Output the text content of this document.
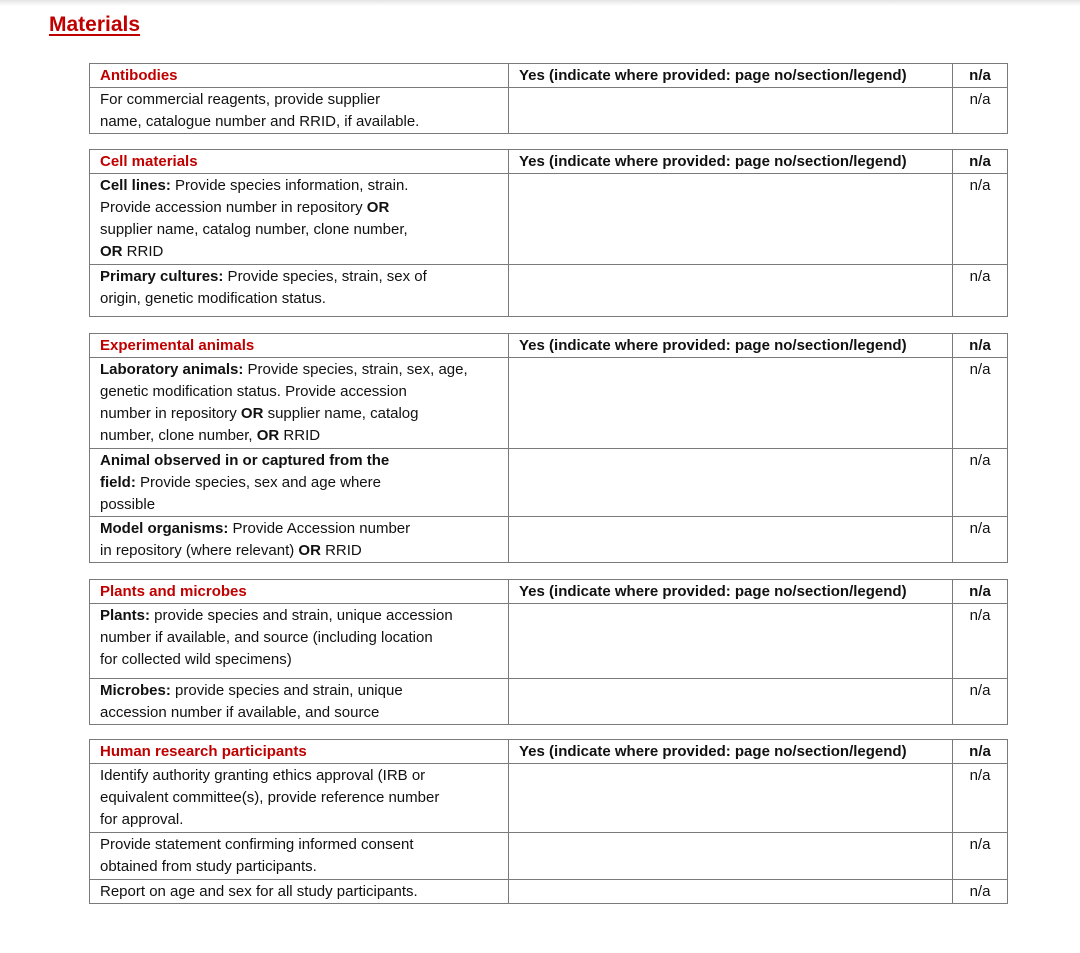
Materials
Antibodies	Yes (indicate where provided: page no/section/legend)	n/a
For commercial reagents, provide supplier
name, catalogue number and RRID, if available.		n/a
Cell materials	Yes (indicate where provided: page no/section/legend)	n/a
Cell lines: Provide species information, strain.
Provide accession number in repository OR
supplier name, catalog number, clone number,
OR RRID		n/a
Primary cultures: Provide species, strain, sex of
origin, genetic modification status.		n/a
Experimental animals	Yes (indicate where provided: page no/section/legend)	n/a
Laboratory animals: Provide species, strain, sex, age,
genetic modification status. Provide accession
number in repository OR supplier name, catalog
number, clone number, OR RRID		n/a
Animal observed in or captured from the
field: Provide species, sex and age where
possible		n/a
Model organisms: Provide Accession number
in repository (where relevant) OR RRID		n/a
Plants and microbes	Yes (indicate where provided: page no/section/legend)	n/a
Plants: provide species and strain, unique accession
number if available, and source (including location
for collected wild specimens)		n/a
Microbes: provide species and strain, unique
accession number if available, and source		n/a
Human research participants	Yes (indicate where provided: page no/section/legend)	n/a
Identify authority granting ethics approval (IRB or
equivalent committee(s), provide reference number
for approval.		n/a
Provide statement confirming informed consent
obtained from study participants.		n/a
Report on age and sex for all study participants.		n/a
